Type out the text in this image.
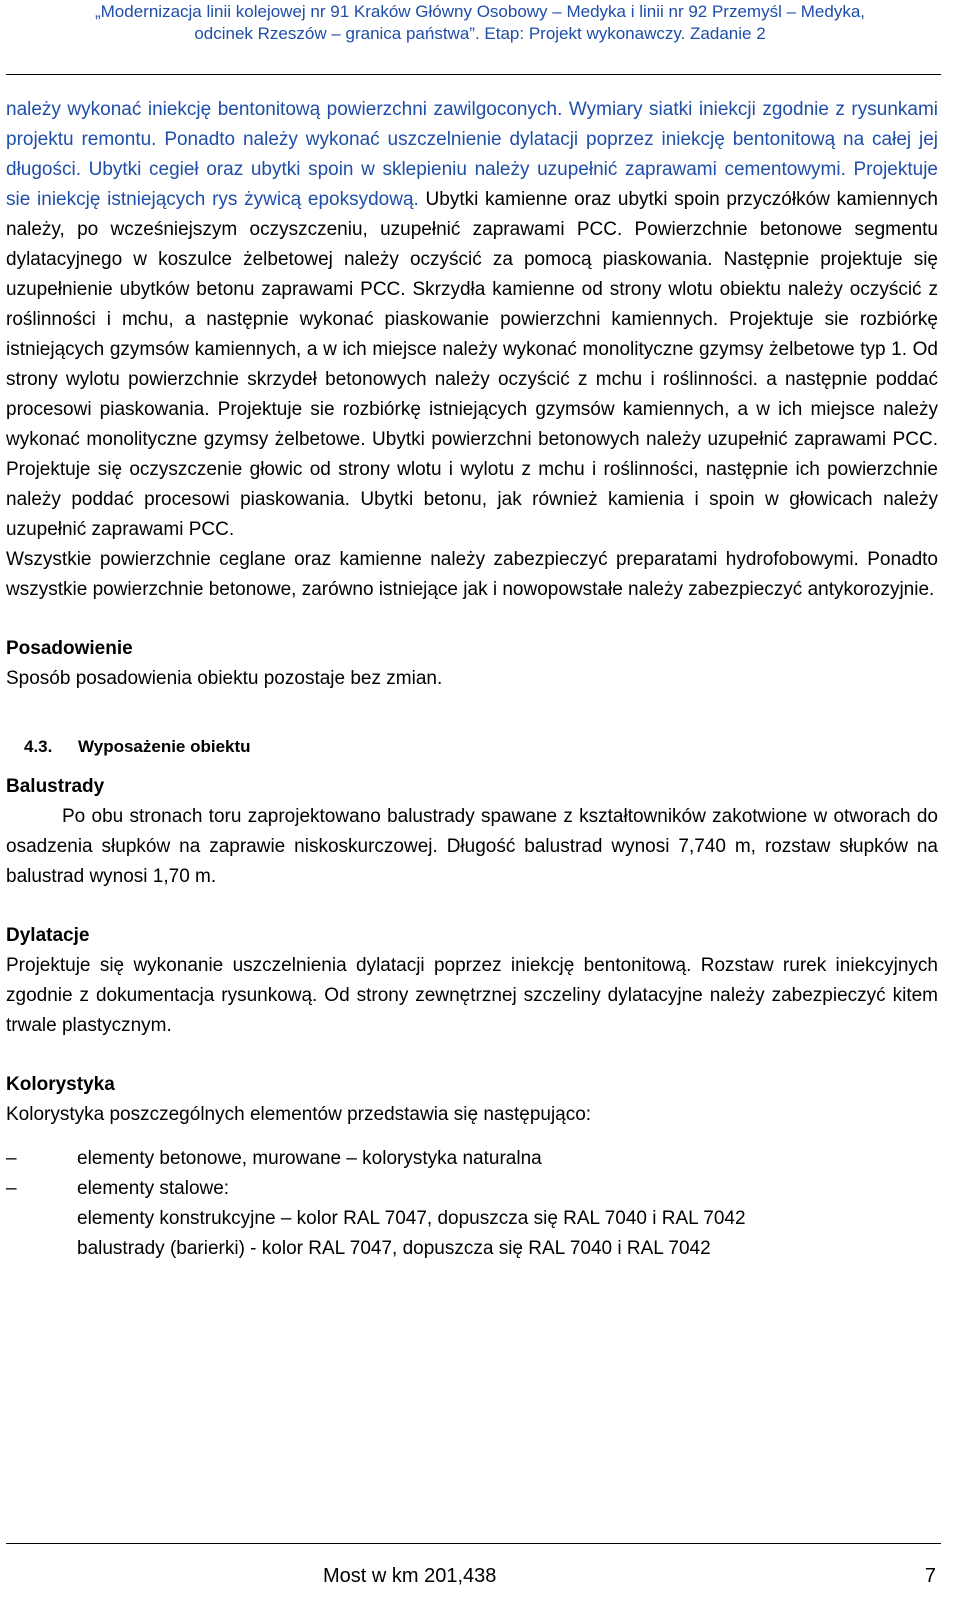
„Modernizacja linii kolejowej nr 91 Kraków Główny Osobowy – Medyka i linii nr 92 Przemyśl – Medyka,
odcinek Rzeszów – granica państwa”. Etap: Projekt wykonawczy. Zadanie 2

należy wykonać iniekcję bentonitową powierzchni zawilgoconych. Wymiary siatki iniekcji zgodnie z rysunkami projektu remontu. Ponadto należy wykonać uszczelnienie dylatacji poprzez iniekcję bentonitową na całej jej długości. Ubytki cegieł oraz ubytki spoin w sklepieniu należy uzupełnić zaprawami cementowymi. Projektuje sie iniekcję istniejących rys żywicą epoksydową. Ubytki kamienne oraz ubytki spoin przyczółków kamiennych należy, po wcześniejszym oczyszczeniu, uzupełnić zaprawami PCC. Powierzchnie betonowe segmentu dylatacyjnego w koszulce żelbetowej należy oczyścić za pomocą piaskowania. Następnie projektuje się uzupełnienie ubytków betonu zaprawami PCC. Skrzydła kamienne od strony wlotu obiektu należy oczyścić z roślinności i mchu, a następnie wykonać piaskowanie powierzchni kamiennych. Projektuje sie rozbiórkę istniejących gzymsów kamiennych, a w ich miejsce należy wykonać monolityczne gzymsy żelbetowe typ 1. Od strony wylotu powierzchnie skrzydeł betonowych należy oczyścić z mchu i roślinności. a następnie poddać procesowi piaskowania. Projektuje sie rozbiórkę istniejących gzymsów kamiennych, a w ich miejsce należy wykonać monolityczne gzymsy żelbetowe. Ubytki powierzchni betonowych należy uzupełnić zaprawami PCC. Projektuje się oczyszczenie głowic od strony wlotu i wylotu z mchu i roślinności, następnie ich powierzchnie należy poddać procesowi piaskowania. Ubytki betonu, jak również kamienia i spoin w głowicach należy uzupełnić zaprawami PCC.

Wszystkie powierzchnie ceglane oraz kamienne należy zabezpieczyć preparatami hydrofobowymi. Ponadto wszystkie powierzchnie betonowe, zarówno istniejące jak i nowopowstałe należy zabezpieczyć antykorozyjnie.

Posadowienie

Sposób posadowienia obiektu pozostaje bez zmian.

4.3. Wyposażenie obiektu

Balustrady

Po obu stronach toru zaprojektowano balustrady spawane z kształtowników zakotwione w otworach do osadzenia słupków na zaprawie niskoskurczowej. Długość balustrad wynosi 7,740 m, rozstaw słupków na balustrad wynosi 1,70 m.

Dylatacje

Projektuje się wykonanie uszczelnienia dylatacji poprzez iniekcję bentonitową. Rozstaw rurek iniekcyjnych zgodnie z dokumentacja rysunkową. Od strony zewnętrznej szczeliny dylatacyjne należy zabezpieczyć kitem trwale plastycznym.

Kolorystyka

Kolorystyka poszczególnych elementów przedstawia się następująco:

–	elementy betonowe, murowane – kolorystyka naturalna
–	elementy stalowe:
elementy konstrukcyjne – kolor RAL 7047, dopuszcza się RAL 7040 i RAL 7042
balustrady (barierki) - kolor RAL 7047, dopuszcza się RAL 7040 i RAL 7042
Most w km 201,438	7
